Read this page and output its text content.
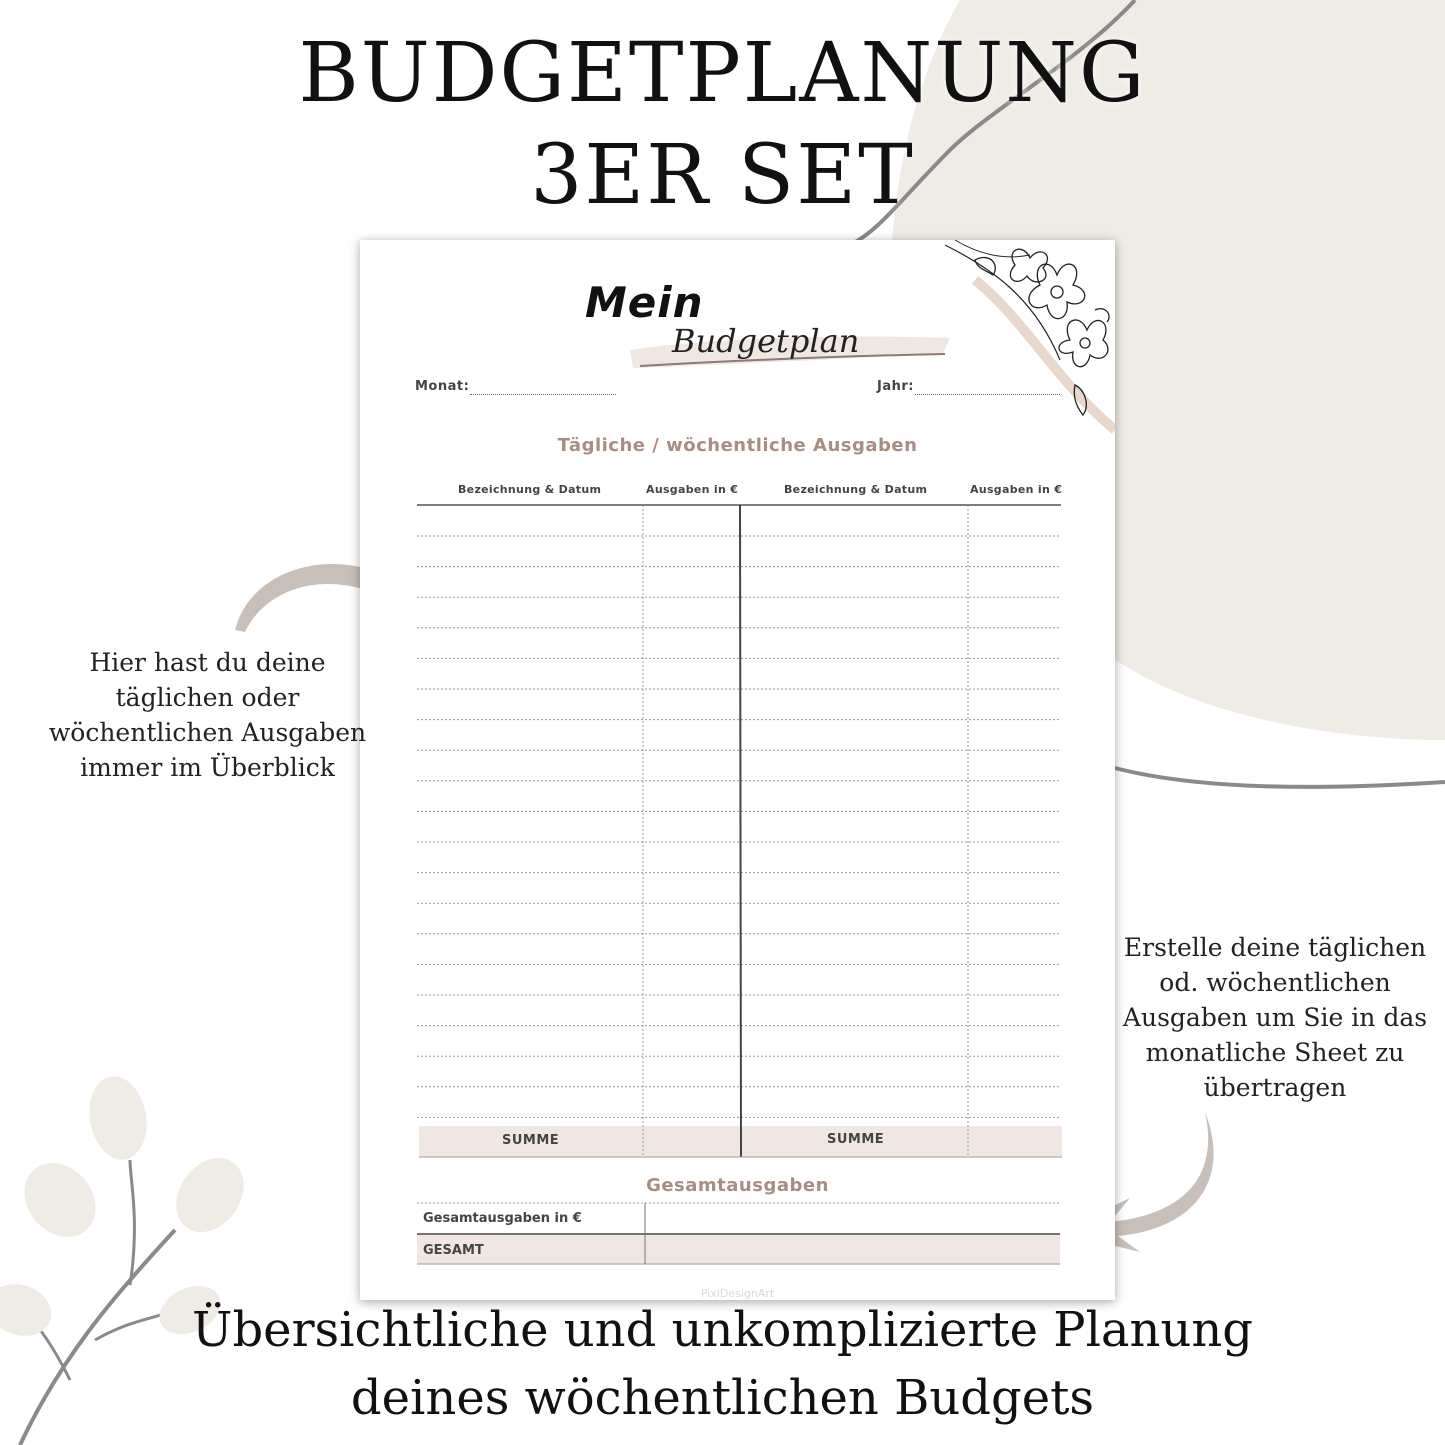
BUDGETPLANUNG
3ER SET
Mein
Budgetplan
Monat:	Jahr:
Tägliche / wöchentliche Ausgaben
Bezeichnung & Datum	Ausgaben in €	Bezeichnung & Datum	Ausgaben in €
SUMME	SUMME
Gesamtausgaben
Gesamtausgaben in €
GESAMT
PixiDesignArt
Hier hast du deine
täglichen oder
wöchentlichen Ausgaben
immer im Überblick
Erstelle deine täglichen
od. wöchentlichen
Ausgaben um Sie in das
monatliche Sheet zu
übertragen
Übersichtliche und unkomplizierte Planung
deines wöchentlichen Budgets
